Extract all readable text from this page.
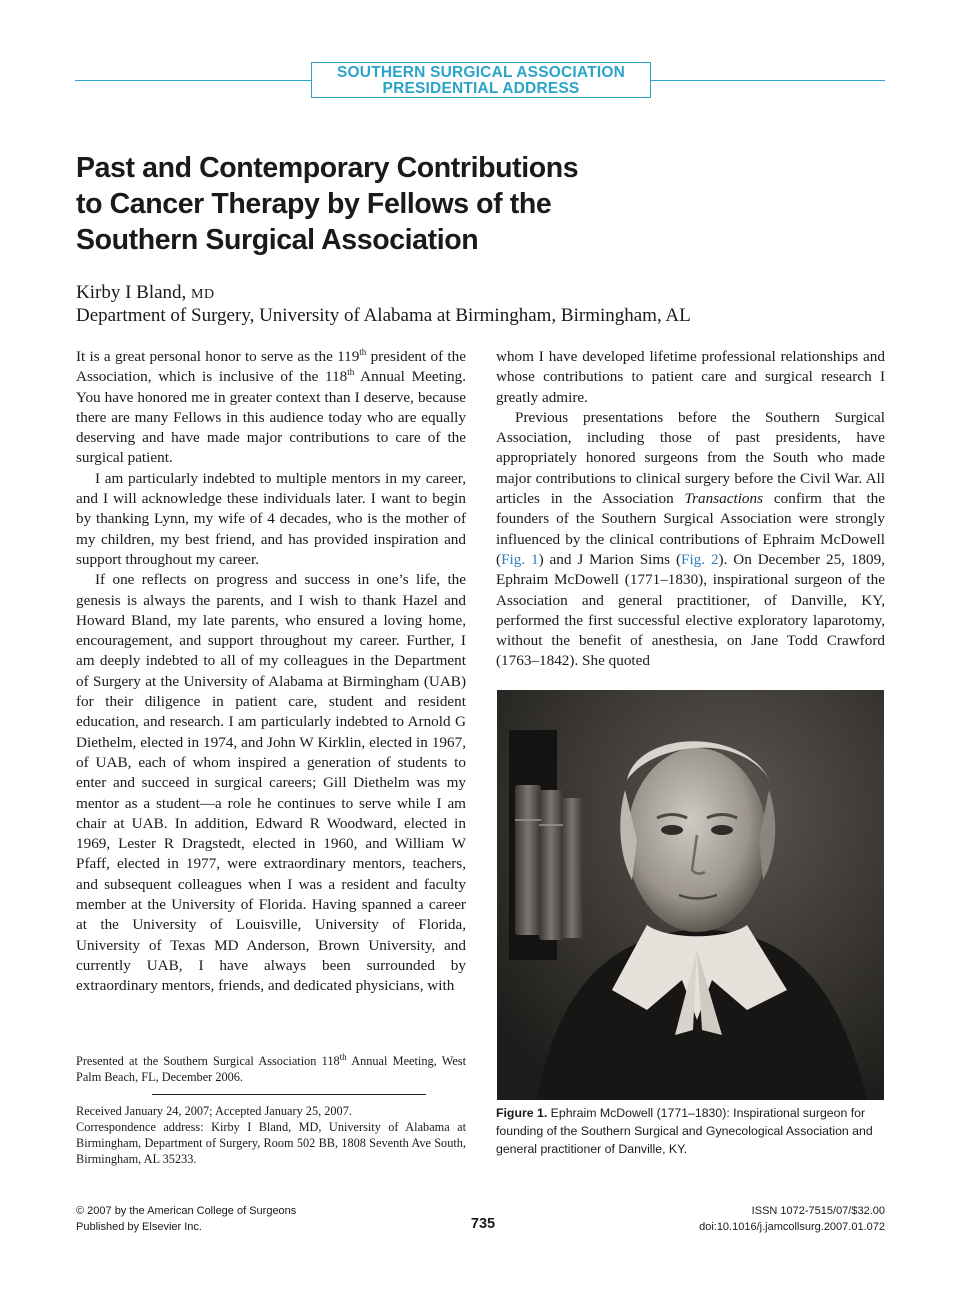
SOUTHERN SURGICAL ASSOCIATION
PRESIDENTIAL ADDRESS
Past and Contemporary Contributions
to Cancer Therapy by Fellows of the
Southern Surgical Association
Kirby I Bland, MD
Department of Surgery, University of Alabama at Birmingham, Birmingham, AL

It is a great personal honor to serve as the 119th president of the Association, which is inclusive of the 118th Annual Meeting. You have honored me in greater context than I deserve, because there are many Fellows in this audience today who are equally deserving and have made major contributions to care of the surgical patient.

I am particularly indebted to multiple mentors in my career, and I will acknowledge these individuals later. I want to begin by thanking Lynn, my wife of 4 decades, who is the mother of my children, my best friend, and has provided inspiration and support throughout my career.

If one reflects on progress and success in one’s life, the genesis is always the parents, and I wish to thank Hazel and Howard Bland, my late parents, who ensured a loving home, encouragement, and support throughout my career. Further, I am deeply indebted to all of my colleagues in the Department of Surgery at the University of Alabama at Birmingham (UAB) for their diligence in patient care, student and resident education, and research. I am particularly indebted to Arnold G Diethelm, elected in 1974, and John W Kirklin, elected in 1967, of UAB, each of whom inspired a generation of students to enter and succeed in surgical careers; Gill Diethelm was my mentor as a student—a role he continues to serve while I am chair at UAB. In addition, Edward R Woodward, elected in 1969, Lester R Dragstedt, elected in 1960, and William W Pfaff, elected in 1977, were extraordinary mentors, teachers, and subsequent colleagues when I was a resident and faculty member at the University of Florida. Having spanned a career at the University of Louisville, University of Florida, University of Texas MD Anderson, Brown University, and currently UAB, I have always been surrounded by extraordinary mentors, friends, and dedicated physicians, with

whom I have developed lifetime professional relationships and whose contributions to patient care and surgical research I greatly admire.

Previous presentations before the Southern Surgical Association, including those of past presidents, have appropriately honored surgeons from the South who made major contributions to clinical surgery before the Civil War. All articles in the Association Transactions confirm that the founders of the Southern Surgical Association were strongly influenced by the clinical contributions of Ephraim McDowell (Fig. 1) and J Marion Sims (Fig. 2). On December 25, 1809, Ephraim McDowell (1771–1830), inspirational surgeon of the Association and general practitioner, of Danville, KY, performed the first successful elective exploratory laparotomy, without the benefit of anesthesia, on Jane Todd Crawford (1763–1842). She quoted

Presented at the Southern Surgical Association 118th Annual Meeting, West Palm Beach, FL, December 2006.

Received January 24, 2007; Accepted January 25, 2007.

Correspondence address: Kirby I Bland, MD, University of Alabama at Birmingham, Department of Surgery, Room 502 BB, 1808 Seventh Ave South, Birmingham, AL 35233.

Figure 1. Ephraim McDowell (1771–1830): Inspirational surgeon for founding of the Southern Surgical and Gynecological Association and general practitioner of Danville, KY.
© 2007 by the American College of Surgeons
Published by Elsevier Inc.	735
ISSN 1072-7515/07/$32.00
doi:10.1016/j.jamcollsurg.2007.01.072
